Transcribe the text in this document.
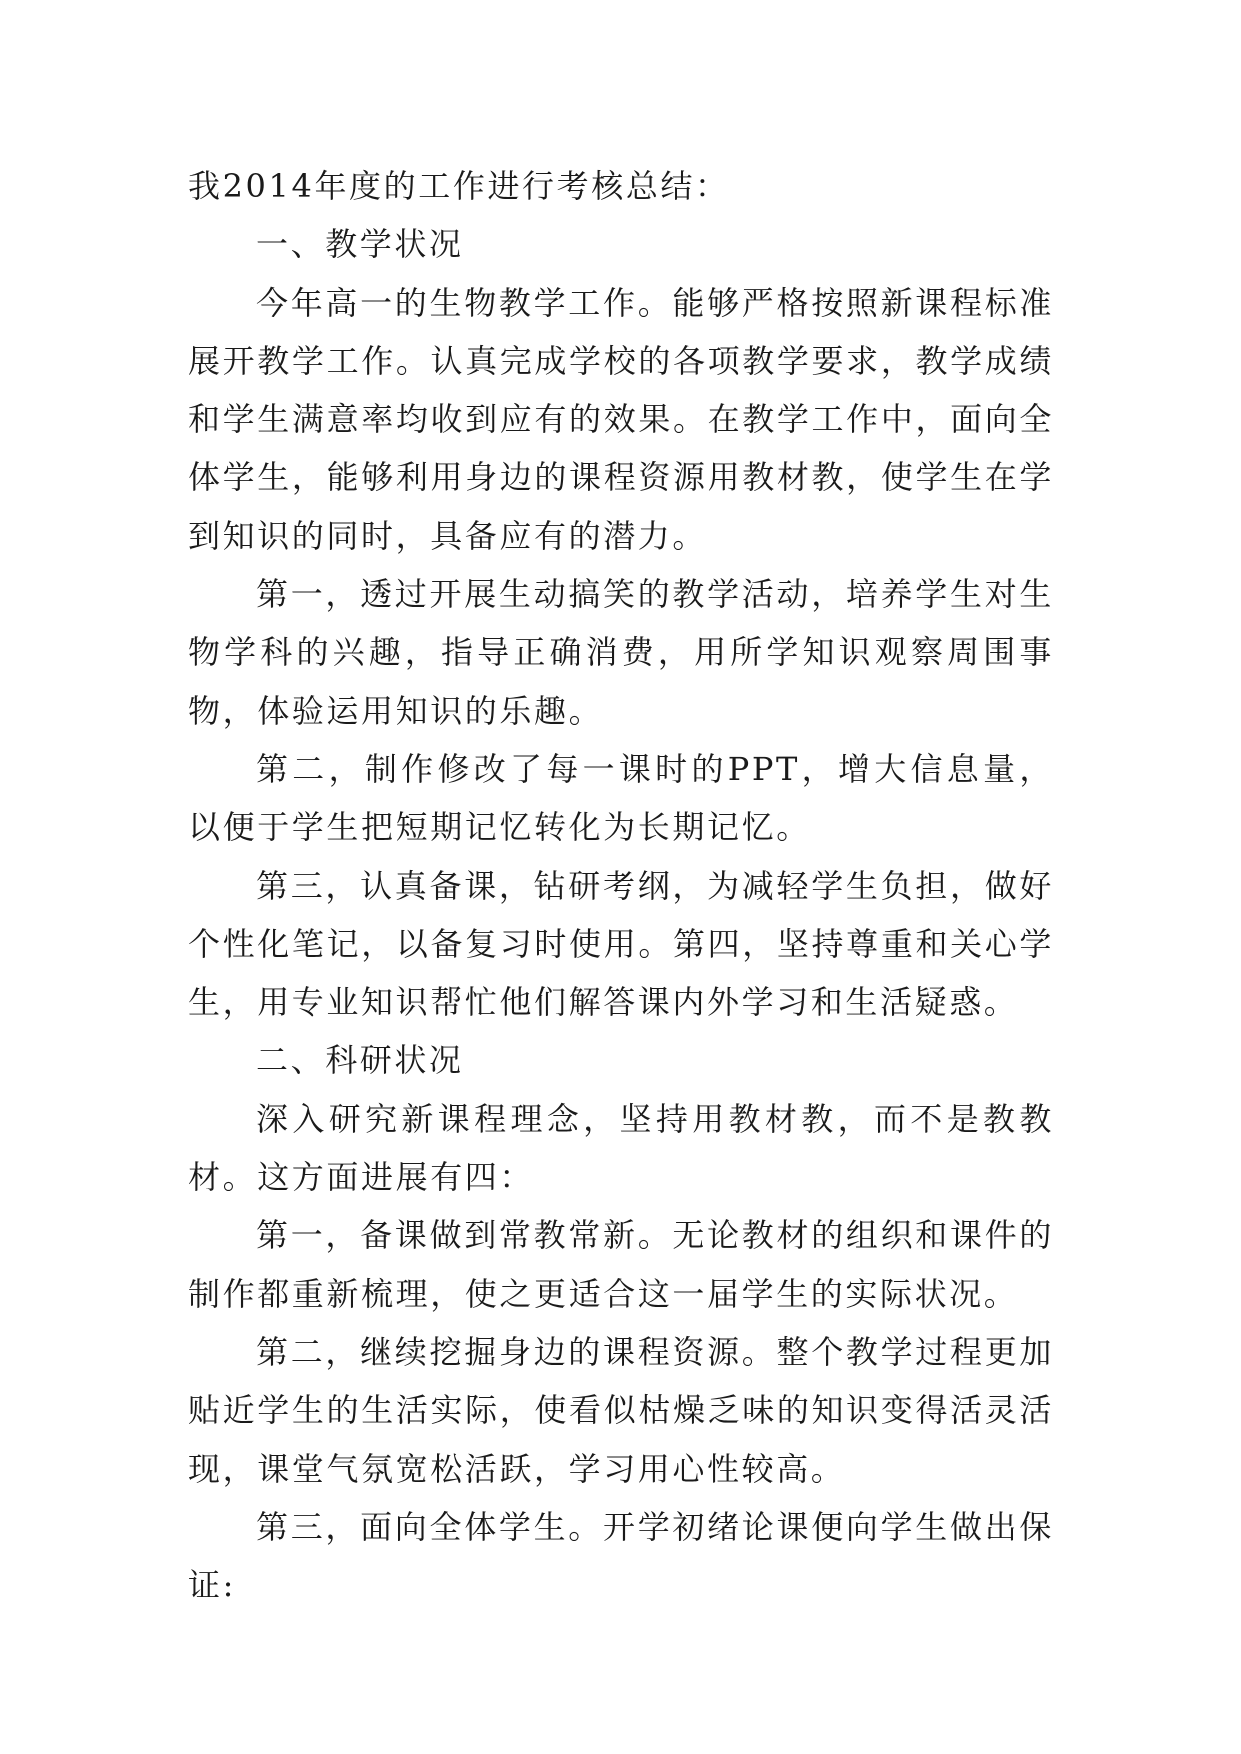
我2014年度的工作进行考核总结：

一、教学状况

今年高一的生物教学工作。能够严格按照新课程标准展开教学工作。认真完成学校的各项教学要求，教学成绩和学生满意率均收到应有的效果。在教学工作中，面向全体学生，能够利用身边的课程资源用教材教，使学生在学到知识的同时，具备应有的潜力。

第一，透过开展生动搞笑的教学活动，培养学生对生物学科的兴趣，指导正确消费，用所学知识观察周围事物，体验运用知识的乐趣。

第二，制作修改了每一课时的PPT，增大信息量，以便于学生把短期记忆转化为长期记忆。

第三，认真备课，钻研考纲，为减轻学生负担，做好个性化笔记，以备复习时使用。第四，坚持尊重和关心学生，用专业知识帮忙他们解答课内外学习和生活疑惑。

二、科研状况

深入研究新课程理念，坚持用教材教，而不是教教材。这方面进展有四：

第一，备课做到常教常新。无论教材的组织和课件的制作都重新梳理，使之更适合这一届学生的实际状况。

第二，继续挖掘身边的课程资源。整个教学过程更加贴近学生的生活实际，使看似枯燥乏味的知识变得活灵活现，课堂气氛宽松活跃，学习用心性较高。

第三，面向全体学生。开学初绪论课便向学生做出保证:
